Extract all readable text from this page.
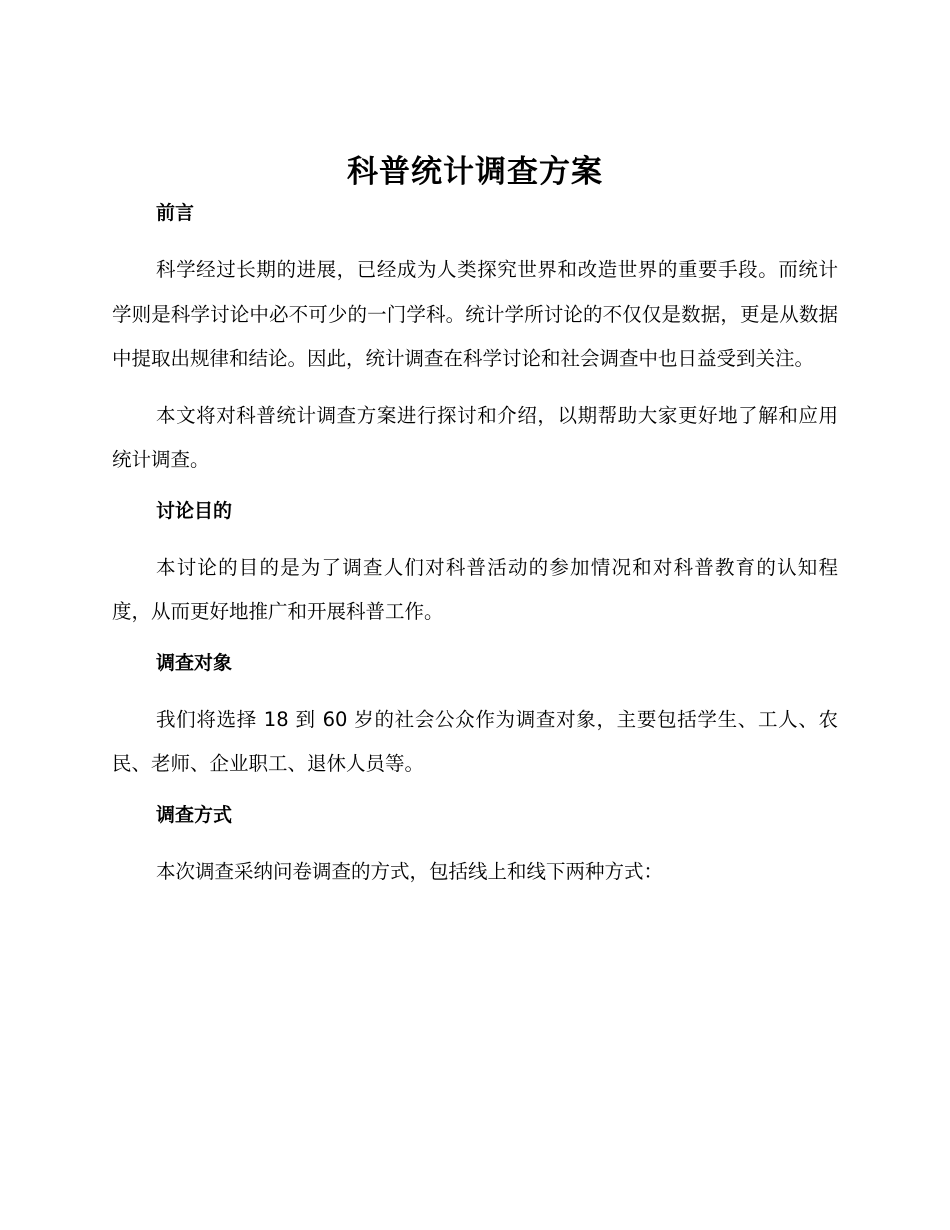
科普统计调查方案
前言

科学经过长期的进展，已经成为人类探究世界和改造世界的重要手段。而统计学则是科学讨论中必不可少的一门学科。统计学所讨论的不仅仅是数据，更是从数据中提取出规律和结论。因此，统计调查在科学讨论和社会调查中也日益受到关注。

本文将对科普统计调查方案进行探讨和介绍，以期帮助大家更好地了解和应用统计调查。

讨论目的

本讨论的目的是为了调查人们对科普活动的参加情况和对科普教育的认知程度，从而更好地推广和开展科普工作。

调查对象

我们将选择 18 到 60 岁的社会公众作为调查对象，主要包括学生、工人、农民、老师、企业职工、退休人员等。

调查方式

本次调查采纳问卷调查的方式，包括线上和线下两种方式：
